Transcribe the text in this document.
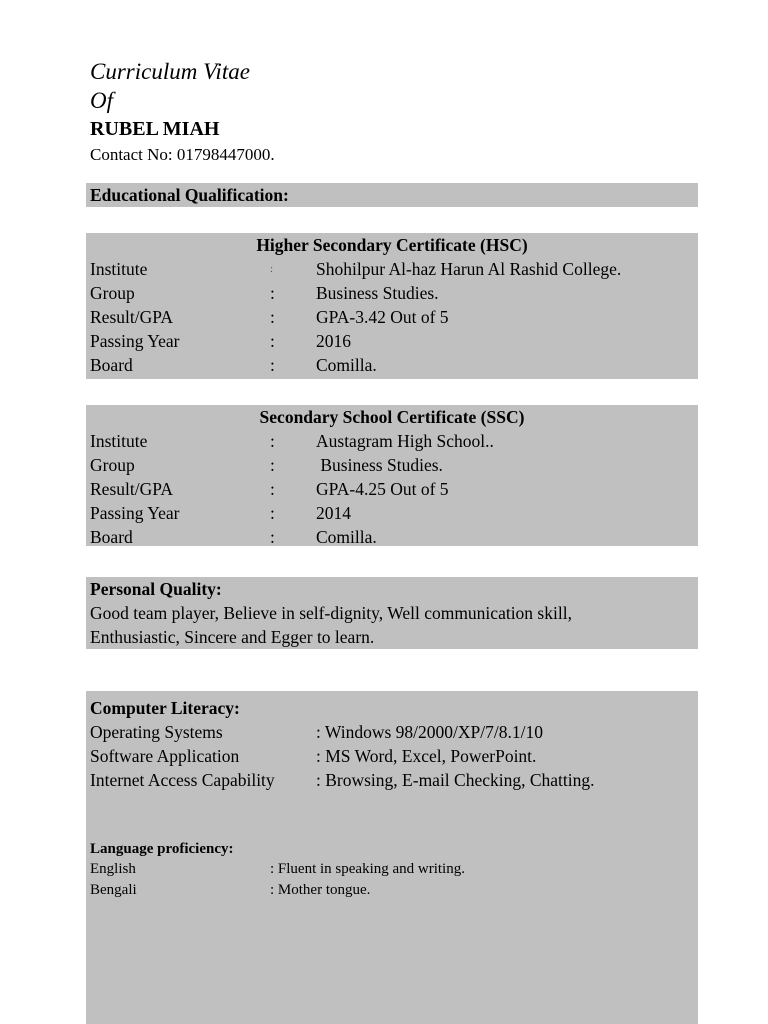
Curriculum Vitae
Of
RUBEL MIAH
Contact No: 01798447000.
Educational Qualification:
Higher Secondary Certificate (HSC)
Institute	: Shohilpur Al-haz Harun Al Rashid College.
Group	: Business Studies.
Result/GPA	: GPA-3.42 Out of 5
Passing Year	: 2016
Board	: Comilla.
Secondary School Certificate (SSC)
Institute	: Austagram High School..
Group	: Business Studies.
Result/GPA	: GPA-4.25 Out of 5
Passing Year	: 2014
Board	: Comilla.
Personal Quality:
Good team player, Believe in self-dignity, Well communication skill,
Enthusiastic, Sincere and Egger to learn.
Computer Literacy:
Operating Systems	: Windows 98/2000/XP/7/8.1/10
Software Application	: MS Word, Excel, PowerPoint.
Internet Access Capability : Browsing, E-mail Checking, Chatting.
Language proficiency:
English	: Fluent in speaking and writing.
Bengali	: Mother tongue.
